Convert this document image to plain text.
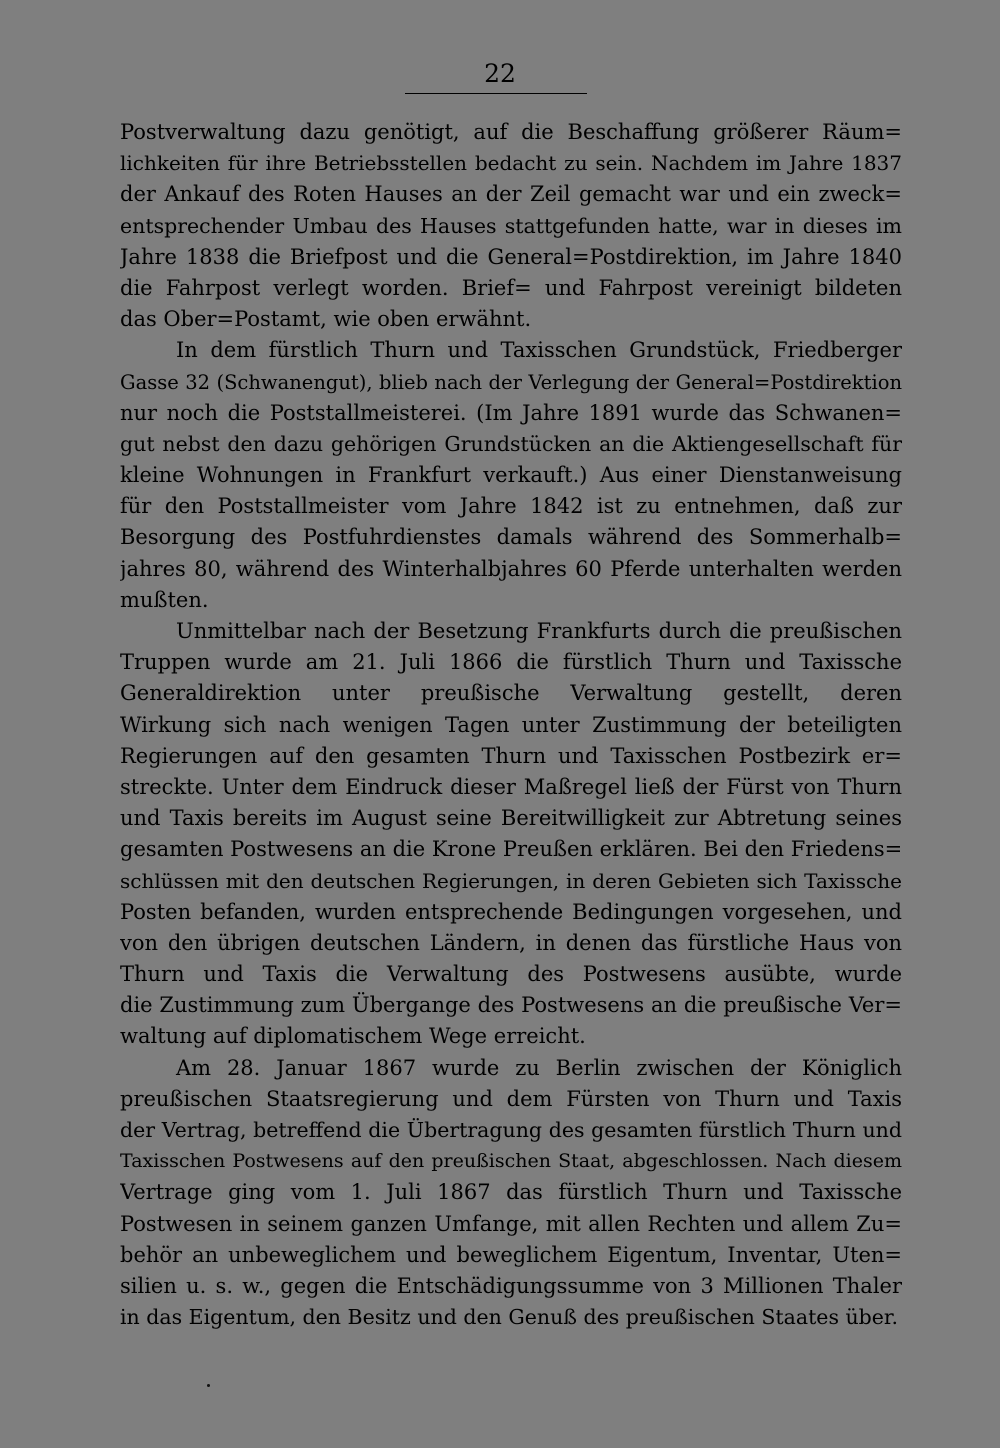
22
Postverwaltung dazu genötigt, auf die Beschaffung größerer Räum=
lichkeiten für ihre Betriebsstellen bedacht zu sein. Nachdem im Jahre 1837
der Ankauf des Roten Hauses an der Zeil gemacht war und ein zweck=
entsprechender Umbau des Hauses stattgefunden hatte, war in dieses im
Jahre 1838 die Briefpost und die General=Postdirektion, im Jahre 1840
die Fahrpost verlegt worden. Brief= und Fahrpost vereinigt bildeten
das Ober=Postamt, wie oben erwähnt.
In dem fürstlich Thurn und Taxisschen Grundstück, Friedberger
Gasse 32 (Schwanengut), blieb nach der Verlegung der General=Postdirektion
nur noch die Poststallmeisterei. (Im Jahre 1891 wurde das Schwanen=
gut nebst den dazu gehörigen Grundstücken an die Aktiengesellschaft für
kleine Wohnungen in Frankfurt verkauft.) Aus einer Dienstanweisung
für den Poststallmeister vom Jahre 1842 ist zu entnehmen, daß zur
Besorgung des Postfuhrdienstes damals während des Sommerhalb=
jahres 80, während des Winterhalbjahres 60 Pferde unterhalten werden
mußten.
Unmittelbar nach der Besetzung Frankfurts durch die preußischen
Truppen wurde am 21. Juli 1866 die fürstlich Thurn und Taxissche
Generaldirektion unter preußische Verwaltung gestellt, deren
Wirkung sich nach wenigen Tagen unter Zustimmung der beteiligten
Regierungen auf den gesamten Thurn und Taxisschen Postbezirk er=
streckte. Unter dem Eindruck dieser Maßregel ließ der Fürst von Thurn
und Taxis bereits im August seine Bereitwilligkeit zur Abtretung seines
gesamten Postwesens an die Krone Preußen erklären. Bei den Friedens=
schlüssen mit den deutschen Regierungen, in deren Gebieten sich Taxissche
Posten befanden, wurden entsprechende Bedingungen vorgesehen, und
von den übrigen deutschen Ländern, in denen das fürstliche Haus von
Thurn und Taxis die Verwaltung des Postwesens ausübte, wurde
die Zustimmung zum Übergange des Postwesens an die preußische Ver=
waltung auf diplomatischem Wege erreicht.
Am 28. Januar 1867 wurde zu Berlin zwischen der Königlich
preußischen Staatsregierung und dem Fürsten von Thurn und Taxis
der Vertrag, betreffend die Übertragung des gesamten fürstlich Thurn und
Taxisschen Postwesens auf den preußischen Staat, abgeschlossen. Nach diesem
Vertrage ging vom 1. Juli 1867 das fürstlich Thurn und Taxissche
Postwesen in seinem ganzen Umfange, mit allen Rechten und allem Zu=
behör an unbeweglichem und beweglichem Eigentum, Inventar, Uten=
silien u. s. w., gegen die Entschädigungssumme von 3 Millionen Thaler
in das Eigentum, den Besitz und den Genuß des preußischen Staates über.
